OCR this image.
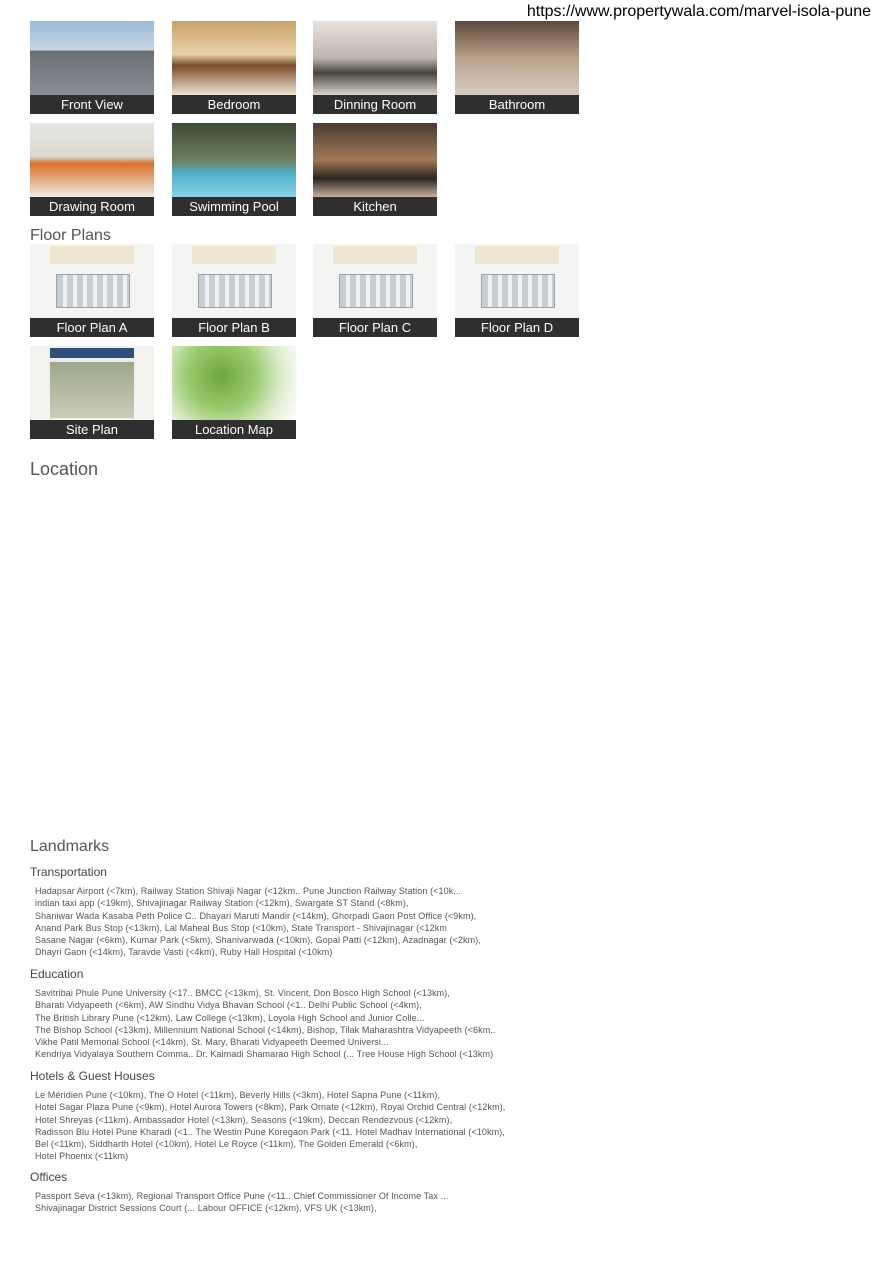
https://www.propertywala.com/marvel-isola-pune
Front View	Bedroom	Dinning Room	Bathroom
Drawing Room	Swimming Pool	Kitchen
Floor Plans
Floor Plan A	Floor Plan B	Floor Plan C	Floor Plan D
Site Plan	Location Map
Location
Landmarks
Transportation
Hadapsar Airport (<7km), Railway Station Shivaji Nagar (<12km.. Pune Junction Railway Station (<10k...
indian taxi app (<19km), Shivajinagar Railway Station (<12km), Swargate ST Stand (<8km),
Shaniwar Wada Kasaba Peth Police C.. Dhayari Maruti Mandir (<14km), Ghorpadi Gaon Post Office (<9km),
Anand Park Bus Stop (<13km), Lal Maheal Bus Stop (<10km), State Transport - Shivajinagar (<12km
Sasane Nagar (<6km), Kumar Park (<5km), Shanivarwada (<10km), Gopal Patti (<12km), Azadnagar (<2km),
Dhayri Gaon (<14km), Taravde Vasti (<4km), Ruby Hall Hospital (<10km)
Education
Savitribai Phule Pune University (<17.. BMCC (<13km), St. Vincent, Don Bosco High School (<13km),
Bharati Vidyapeeth (<6km), AW Sindhu Vidya Bhavan School (<1.. Delhi Public School (<4km),
The British Library Pune (<12km), Law College (<13km), Loyola High School and Junior Colle...
The Bishop School (<13km), Millennium National School (<14km), Bishop, Tilak Maharashtra Vidyapeeth (<6km..
Vikhe Patil Memorial School (<14km), St. Mary, Bharati Vidyapeeth Deemed Universi...
Kendriya Vidyalaya Southern Comma.. Dr. Kalmadi Shamarao High School (... Tree House High School (<13km)
Hotels & Guest Houses
Le Méridien Pune (<10km), The O Hotel (<11km), Beverly Hills (<3km), Hotel Sapna Pune (<11km),
Hotel Sagar Plaza Pune (<9km), Hotel Aurora Towers (<8km), Park Ornate (<12km), Royal Orchid Central (<12km),
Hotel Shreyas (<11km), Ambassador Hotel (<13km), Seasons (<19km), Deccan Rendezvous (<12km),
Radisson Blu Hotel Pune Kharadi (<1.. The Westin Pune Koregaon Park (<11. Hotel Madhav International (<10km),
Bel (<11km), Siddharth Hotel (<10km), Hotel Le Royce (<11km), The Golden Emerald (<6km),
Hotel Phoenix (<11km)
Offices
Passport Seva (<13km), Regional Transport Office Pune (<11.. Chief Commissioner Of Income Tax ...
Shivajinagar District Sessions Court (... Labour OFFICE (<12km), VFS UK (<13km),
